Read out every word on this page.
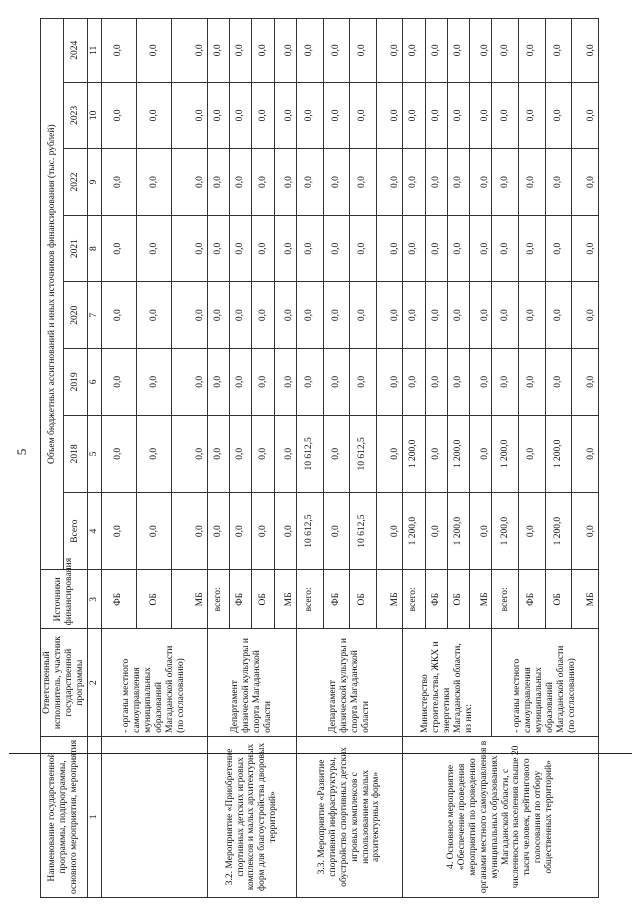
5
Наименование государственной программы, подпрограммы, основного мероприятия, мероприятия	Ответственный исполнитель, участник государственной программы	Источники финансирования	Объем бюджетных ассигнований и иных источников финансирования (тыс. рублей)							
			Всего	2018	2019	2020	2021	2022	2023	2024
1	2	3	4	5	6	7	8	9	10	11
	- органы местного самоуправления муниципальных образований Магаданской области (по согласованию)	ФБ	0,0	0,0	0,0	0,0	0,0	0,0	0,0	0,0
		ОБ	0,0	0,0	0,0	0,0	0,0	0,0	0,0	0,0
		МБ	0,0	0,0	0,0	0,0	0,0	0,0	0,0	0,0
3.2. Мероприятие «Приобретение спортивных детских игровых комплексов и малых архитектурных форм для благоустройства дворовых территорий»	Департамент физической культуры и спорта Магаданской области	всего:	0,0	0,0	0,0	0,0	0,0	0,0	0,0	0,0
		ФБ	0,0	0,0	0,0	0,0	0,0	0,0	0,0	0,0
		ОБ	0,0	0,0	0,0	0,0	0,0	0,0	0,0	0,0
		МБ	0,0	0,0	0,0	0,0	0,0	0,0	0,0	0,0
3.3. Мероприятие «Развитие спортивной инфраструктуры, обустройство спортивных детских игровых комплексов с использованием малых архитектурных форм»	Департамент физической культуры и спорта Магаданской области	всего:	10 612,5	10 612,5	0,0	0,0	0,0	0,0	0,0	0,0
		ФБ	0,0	0,0	0,0	0,0	0,0	0,0	0,0	0,0
		ОБ	10 612,5	10 612,5	0,0	0,0	0,0	0,0	0,0	0,0
		МБ	0,0	0,0	0,0	0,0	0,0	0,0	0,0	0,0
4. Основное мероприятие «Обеспечение проведения мероприятий по проведению органами местного самоуправления в муниципальных образованиях Магаданской области, с численностью населения свыше 20 тысяч человек, рейтингового голосования по отбору общественных территорий»	Министерство строительства, ЖКХ и энергетики Магаданской области, из них:	всего:	1 200,0	1 200,0	0,0	0,0	0,0	0,0	0,0	0,0
		ФБ	0,0	0,0	0,0	0,0	0,0	0,0	0,0	0,0
		ОБ	1 200,0	1 200,0	0,0	0,0	0,0	0,0	0,0	0,0
		МБ	0,0	0,0	0,0	0,0	0,0	0,0	0,0	0,0
	- органы местного самоуправления муниципальных образований Магаданской области (по согласованию)	всего:	1 200,0	1 200,0	0,0	0,0	0,0	0,0	0,0	0,0
		ФБ	0,0	0,0	0,0	0,0	0,0	0,0	0,0	0,0
		ОБ	1 200,0	1 200,0	0,0	0,0	0,0	0,0	0,0	0,0
		МБ	0,0	0,0	0,0	0,0	0,0	0,0	0,0	0,0
